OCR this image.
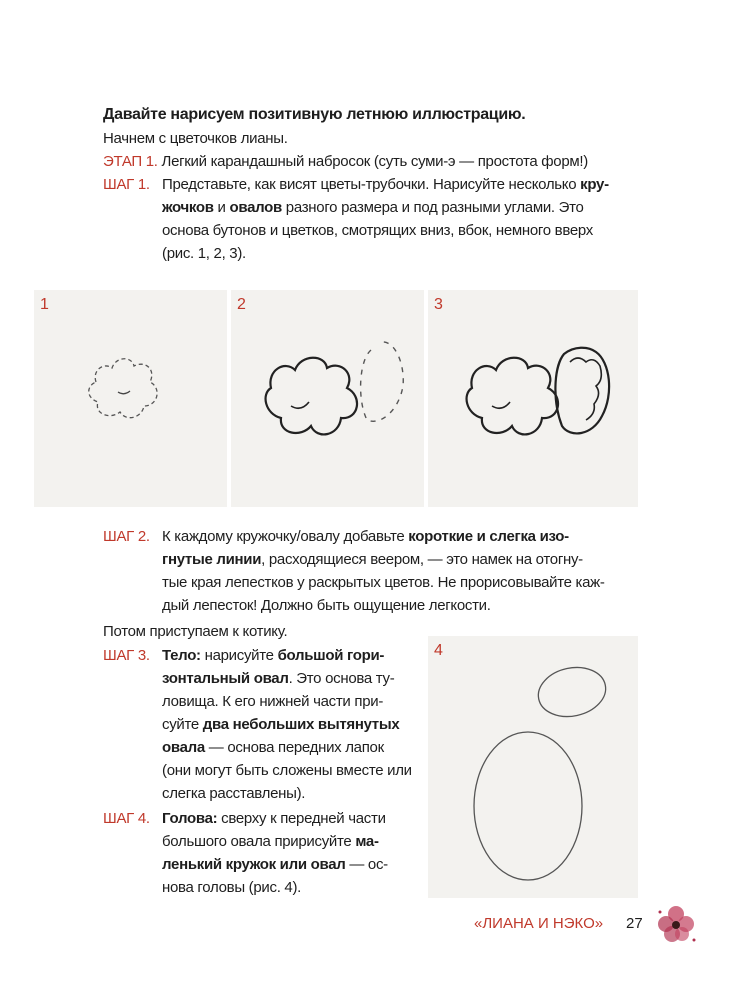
Давайте нарисуем позитивную летнюю иллюстрацию.
Начнем с цветочков лианы.
ЭТАП 1. Легкий карандашный набросок (суть суми-э — простота форм!)
ШАГ 1. Представьте, как висят цветы-трубочки. Нарисуйте несколько кру-
жочков и овалов разного размера и под разными углами. Это
основа бутонов и цветков, смотрящих вниз, вбок, немного вверх
(рис. 1, 2, 3).
1	2	3
ШАГ 2. К каждому кружочку/овалу добавьте короткие и слегка изо-
гнутые линии, расходящиеся веером, — это намек на отогну-
тые края лепестков у раскрытых цветов. Не прорисовывайте каж-
дый лепесток! Должно быть ощущение легкости.
Потом приступаем к котику.
ШАГ 3. Тело: нарисуйте большой гори-
зонтальный овал. Это основа ту-
ловища. К его нижней части при-
суйте два небольших вытянутых
овала — основа передних лапок
(они могут быть сложены вместе или
слегка расставлены).
ШАГ 4. Голова: сверху к передней части
большого овала пририсуйте ма-
ленький кружок или овал — ос-
нова головы (рис. 4).
4
«ЛИАНА И НЭКО» 27
